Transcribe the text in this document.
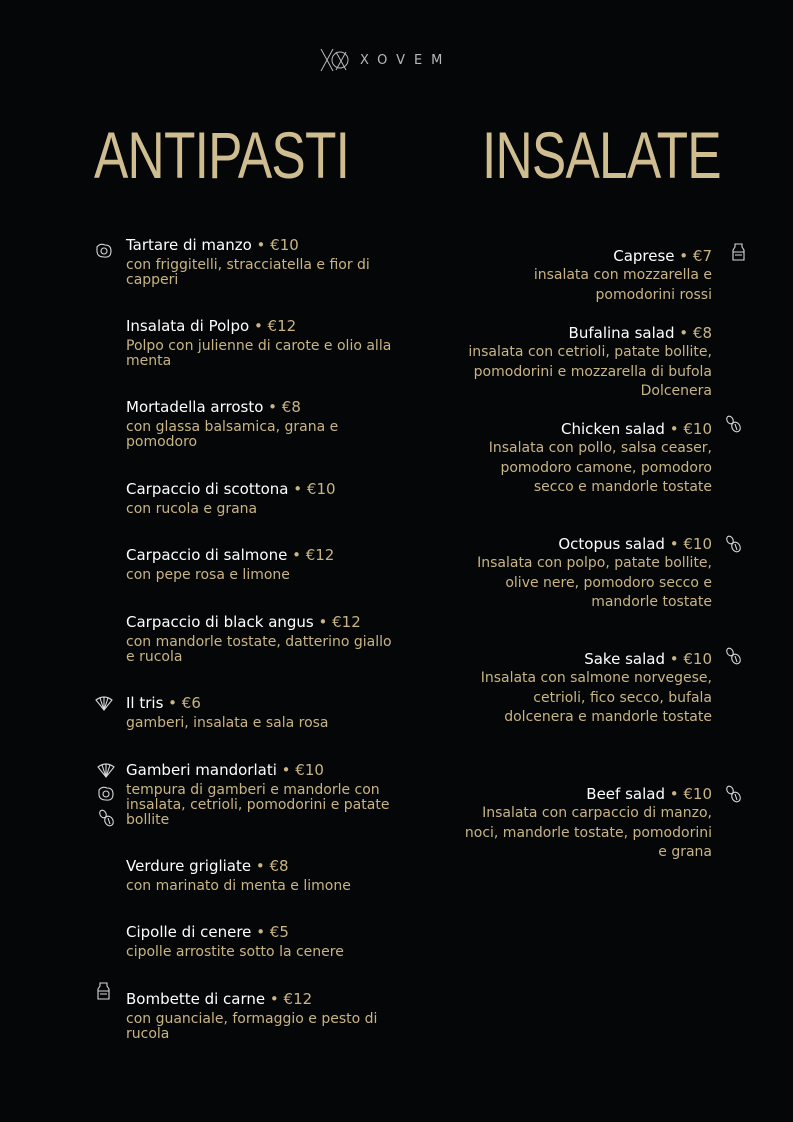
XOVEM
ANTIPASTI INSALATE
Tartare di manzo • €10
con friggitelli, stracciatella e fior di capperi
Insalata di Polpo • €12
Polpo con julienne di carote e olio alla menta
Mortadella arrosto • €8
con glassa balsamica, grana e pomodoro
Carpaccio di scottona • €10
con rucola e grana
Carpaccio di salmone • €12
con pepe rosa e limone
Carpaccio di black angus • €12
con mandorle tostate, datterino giallo e rucola
Il tris • €6
gamberi, insalata e sala rosa
Gamberi mandorlati • €10
tempura di gamberi e mandorle con insalata, cetrioli, pomodorini e patate bollite
Verdure grigliate • €8
con marinato di menta e limone
Cipolle di cenere • €5
cipolle arrostite sotto la cenere
Bombette di carne • €12
con guanciale, formaggio e pesto di rucola
Caprese • €7
insalata con mozzarella e pomodorini rossi
Bufalina salad • €8
insalata con cetrioli, patate bollite, pomodorini e mozzarella di bufola Dolcenera
Chicken salad • €10
Insalata con pollo, salsa ceaser, pomodoro camone, pomodoro secco e mandorle tostate
Octopus salad • €10
Insalata con polpo, patate bollite, olive nere, pomodoro secco e mandorle tostate
Sake salad • €10
Insalata con salmone norvegese, cetrioli, fico secco, bufala dolcenera e mandorle tostate
Beef salad • €10
Insalata con carpaccio di manzo, noci, mandorle tostate, pomodorini e grana
